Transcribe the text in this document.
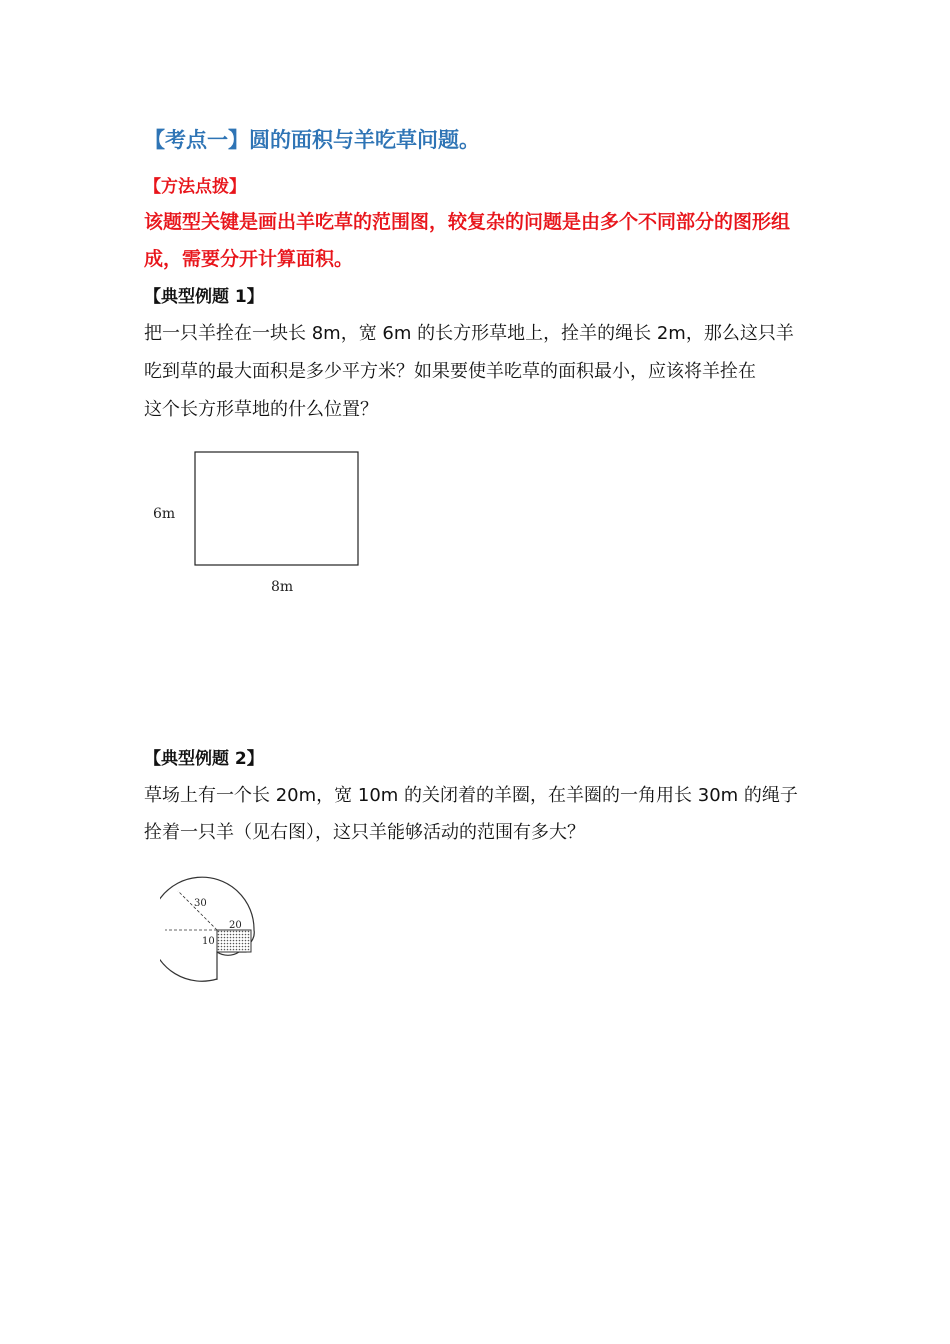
【考点一】圆的面积与羊吃草问题。
【方法点拨】
该题型关键是画出羊吃草的范围图，较复杂的问题是由多个不同部分的图形组
成，需要分开计算面积。
【典型例题 1】
把一只羊拴在一块长 8m，宽 6m 的长方形草地上，拴羊的绳长 2m，那么这只羊
吃到草的最大面积是多少平方米？如果要使羊吃草的面积最小，应该将羊拴在
这个长方形草地的什么位置？
6m
8m
【典型例题 2】
草场上有一个长 20m，宽 10m 的关闭着的羊圈，在羊圈的一角用长 30m 的绳子
拴着一只羊（见右图），这只羊能够活动的范围有多大？
30
20
10
